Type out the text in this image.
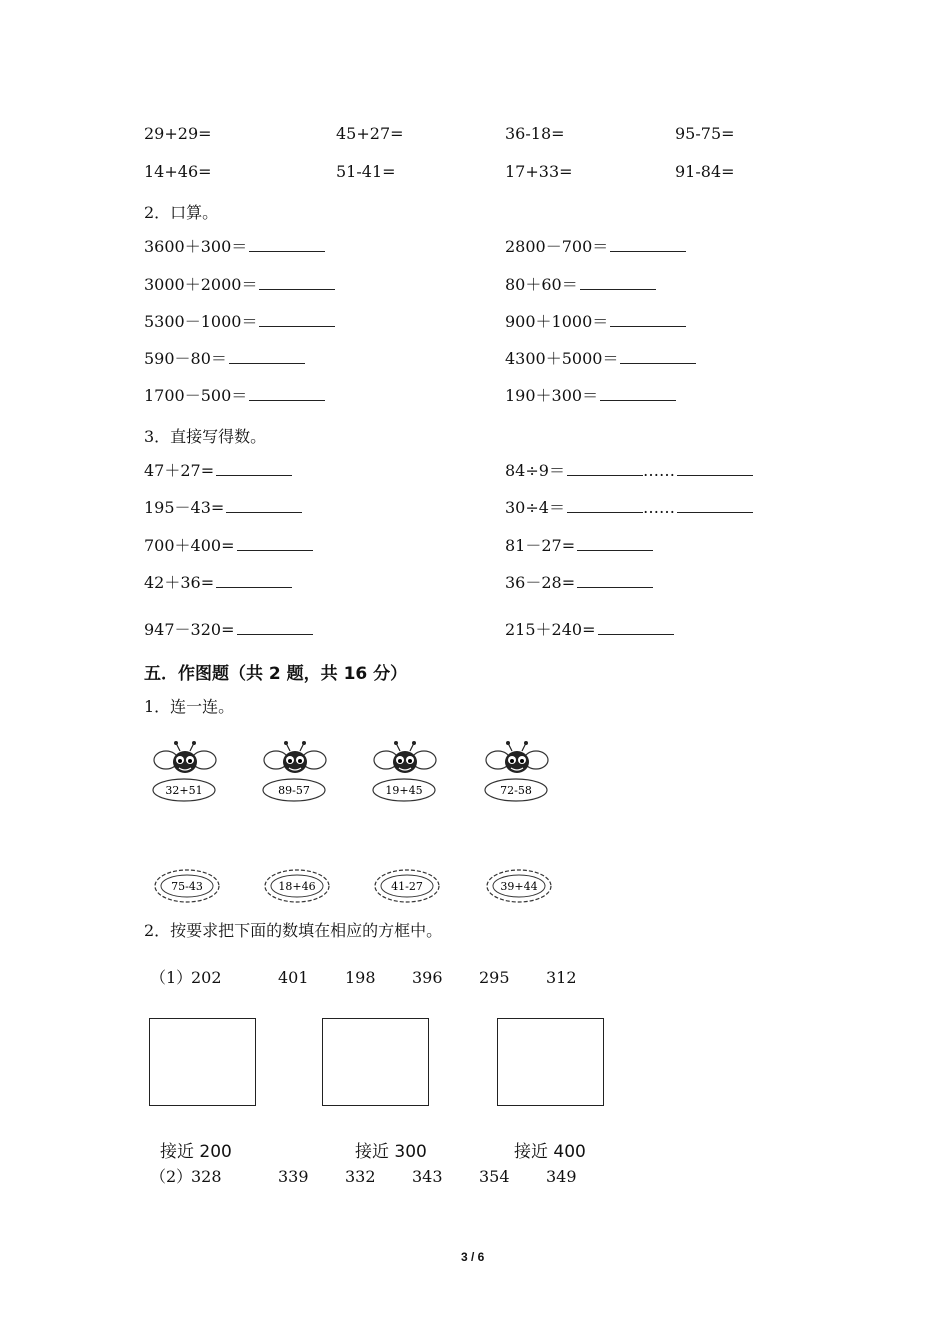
29+29=	45+27=	36-18=	95-75=
14+46=	51-41=	17+33=	91-84=
2．口算。
3600＋300＝	2800－700＝
3000＋2000＝	80＋60＝
5300－1000＝	900＋1000＝
590－80＝	4300＋5000＝
1700－500＝	190＋300＝
3．直接写得数。
47＋27=	84÷9＝	……
195－43=	30÷4＝	……
700＋400=	81－27=
42＋36=	36－28=
947－320=	215＋240=
五．作图题（共 2 题，共 16 分）
1．连一连。
32+51	89-57	19+45	72-58
75-43	18+46	41-27	39+44
2．按要求把下面的数填在相应的方框中。
（1）
202	401 198 396 295 312
接近 200	接近 300	接近 400
（2）
328	339 332 343 354 349
3 / 6
